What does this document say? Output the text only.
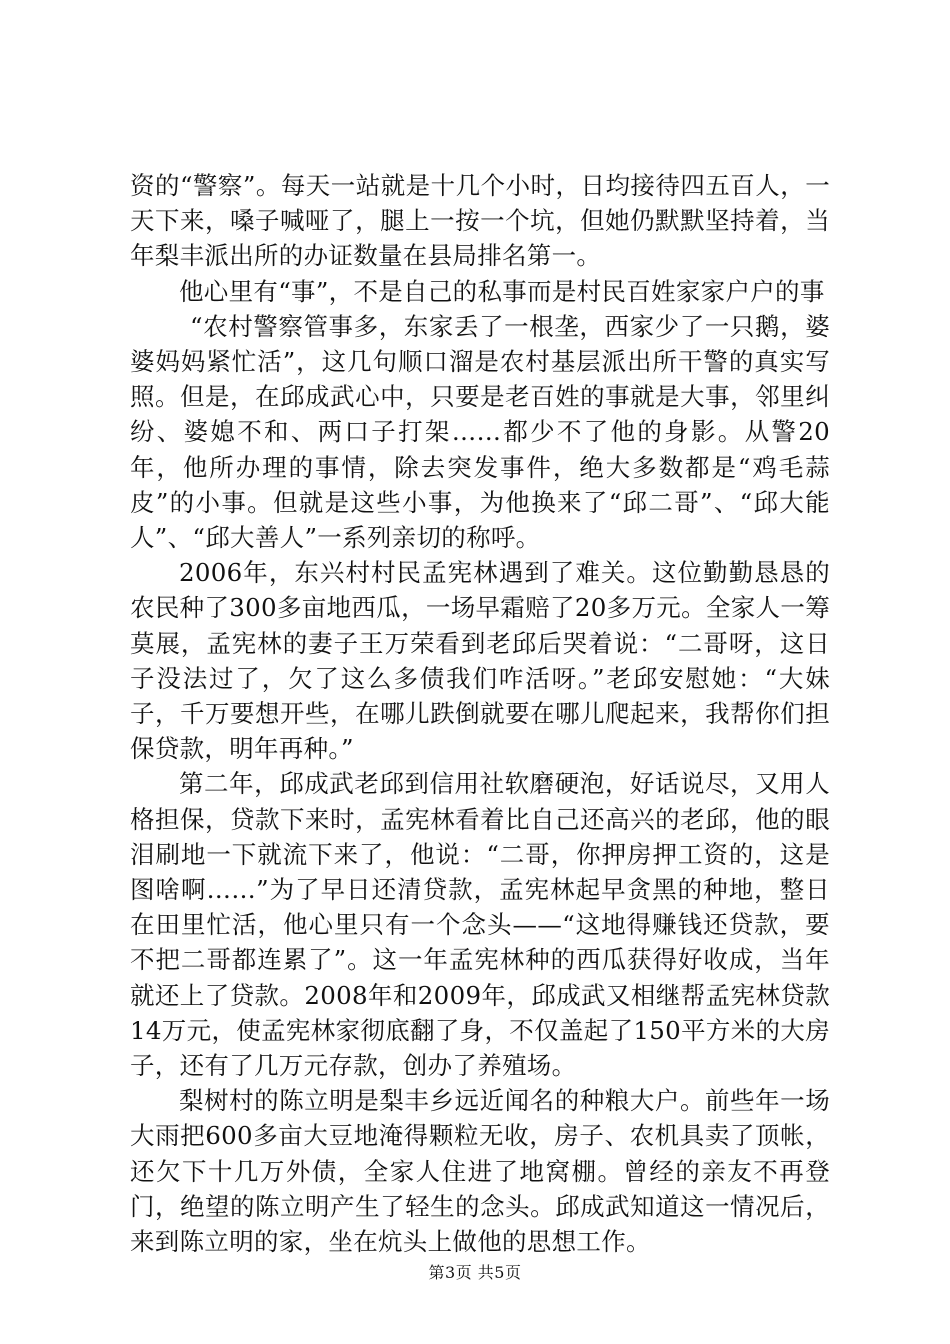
资的“警察”。每天一站就是十几个小时，日均接待四五百人，一天下来，嗓子喊哑了，腿上一按一个坑，但她仍默默坚持着，当年梨丰派出所的办证数量在县局排名第一。

他心里有“事”，不是自己的私事而是村民百姓家家户户的事

“农村警察管事多，东家丢了一根垄，西家少了一只鹅，婆婆妈妈紧忙活”，这几句顺口溜是农村基层派出所干警的真实写照。但是，在邱成武心中，只要是老百姓的事就是大事，邻里纠纷、婆媳不和、两口子打架……都少不了他的身影。从警20年，他所办理的事情，除去突发事件，绝大多数都是“鸡毛蒜皮”的小事。但就是这些小事，为他换来了“邱二哥”、“邱大能人”、“邱大善人”一系列亲切的称呼。

2006年，东兴村村民孟宪林遇到了难关。这位勤勤恳恳的农民种了300多亩地西瓜，一场早霜赔了20多万元。全家人一筹莫展，孟宪林的妻子王万荣看到老邱后哭着说：“二哥呀，这日子没法过了，欠了这么多债我们咋活呀。”老邱安慰她：“大妹子，千万要想开些，在哪儿跌倒就要在哪儿爬起来，我帮你们担保贷款，明年再种。”

第二年，邱成武老邱到信用社软磨硬泡，好话说尽，又用人格担保，贷款下来时，孟宪林看着比自己还高兴的老邱，他的眼泪刷地一下就流下来了，他说：“二哥，你押房押工资的，这是图啥啊……”为了早日还清贷款，孟宪林起早贪黑的种地，整日在田里忙活，他心里只有一个念头——“这地得赚钱还贷款，要不把二哥都连累了”。这一年孟宪林种的西瓜获得好收成，当年就还上了贷款。2008年和2009年，邱成武又相继帮孟宪林贷款14万元，使孟宪林家彻底翻了身，不仅盖起了150平方米的大房子，还有了几万元存款，创办了养殖场。

梨树村的陈立明是梨丰乡远近闻名的种粮大户。前些年一场大雨把600多亩大豆地淹得颗粒无收，房子、农机具卖了顶帐，还欠下十几万外债，全家人住进了地窝棚。曾经的亲友不再登门，绝望的陈立明产生了轻生的念头。邱成武知道这一情况后，来到陈立明的家，坐在炕头上做他的思想工作。

第3页 共5页
